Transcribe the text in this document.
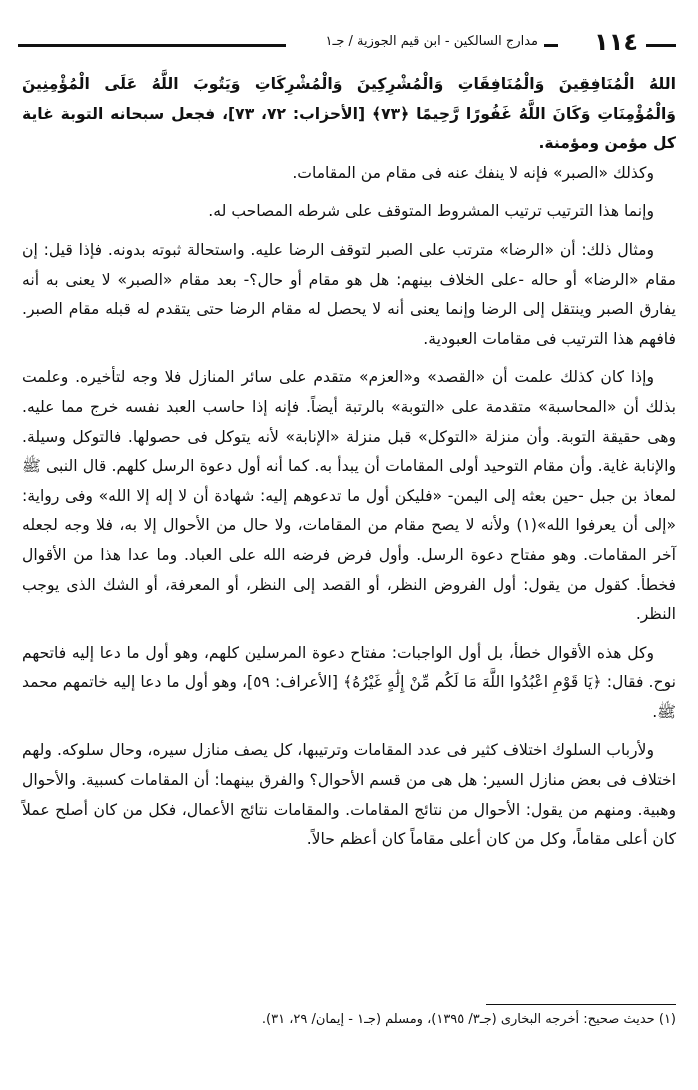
١١٤
مدارج السالكين - ابن قيم الجوزية / جـ١

اللهُ الْمُنَافِقِينَ وَالْمُنَافِقَاتِ وَالْمُشْرِكِينَ وَالْمُشْرِكَاتِ وَيَتُوبَ اللَّهُ عَلَى الْمُؤْمِنِينَ وَالْمُؤْمِنَاتِ وَكَانَ اللَّهُ غَفُورًا رَّحِيمًا ﴿٧٣﴾ [الأحزاب: ٧٢، ٧٣]، فجعل سبحانه التوبة غاية كل مؤمن ومؤمنة.

وكذلك «الصبر» فإنه لا ينفك عنه فى مقام من المقامات.

وإنما هذا الترتيب ترتيب المشروط المتوقف على شرطه المصاحب له.

ومثال ذلك: أن «الرضا» مترتب على الصبر لتوقف الرضا عليه. واستحالة ثبوته بدونه. فإذا قيل: إن مقام «الرضا» أو حاله -على الخلاف بينهم: هل هو مقام أو حال؟- بعد مقام «الصبر» لا يعنى به أنه يفارق الصبر وينتقل إلى الرضا وإنما يعنى أنه لا يحصل له مقام الرضا حتى يتقدم له قبله مقام الصبر. فافهم هذا الترتيب فى مقامات العبودية.

وإذا كان كذلك علمت أن «القصد» و«العزم» متقدم على سائر المنازل فلا وجه لتأخيره. وعلمت بذلك أن «المحاسبة» متقدمة على «التوبة» بالرتبة أيضاً. فإنه إذا حاسب العبد نفسه خرج مما عليه. وهى حقيقة التوبة. وأن منزلة «التوكل» قبل منزلة «الإنابة» لأنه يتوكل فى حصولها. فالتوكل وسيلة. والإنابة غاية. وأن مقام التوحيد أولى المقامات أن يبدأ به. كما أنه أول دعوة الرسل كلهم. قال النبى ﷺ لمعاذ بن جبل -حين بعثه إلى اليمن- «فليكن أول ما تدعوهم إليه: شهادة أن لا إله إلا الله» وفى رواية: «إلى أن يعرفوا الله»(١) ولأنه لا يصح مقام من المقامات، ولا حال من الأحوال إلا به، فلا وجه لجعله آخر المقامات. وهو مفتاح دعوة الرسل. وأول فرض فرضه الله على العباد. وما عدا هذا من الأقوال فخطأ. كقول من يقول: أول الفروض النظر، أو القصد إلى النظر، أو المعرفة، أو الشك الذى يوجب النظر.

وكل هذه الأقوال خطأ، بل أول الواجبات: مفتاح دعوة المرسلين كلهم، وهو أول ما دعا إليه فاتحهم نوح. فقال: ﴿يَا قَوْمِ اعْبُدُوا اللَّهَ مَا لَكُم مِّنْ إِلَٰهٍ غَيْرُهُ﴾ [الأعراف: ٥٩]، وهو أول ما دعا إليه خاتمهم محمد ﷺ.

ولأرباب السلوك اختلاف كثير فى عدد المقامات وترتيبها، كل يصف منازل سيره، وحال سلوكه. ولهم اختلاف فى بعض منازل السير: هل هى من قسم الأحوال؟ والفرق بينهما: أن المقامات كسبية. والأحوال وهبية. ومنهم من يقول: الأحوال من نتائج المقامات. والمقامات نتائج الأعمال، فكل من كان أصلح عملاً كان أعلى مقاماً، وكل من كان أعلى مقاماً كان أعظم حالاً.

(١) حديث صحيح: أخرجه البخارى (جـ٣/ ١٣٩٥)، ومسلم (جـ١ - إيمان/ ٢٩، ٣١).
